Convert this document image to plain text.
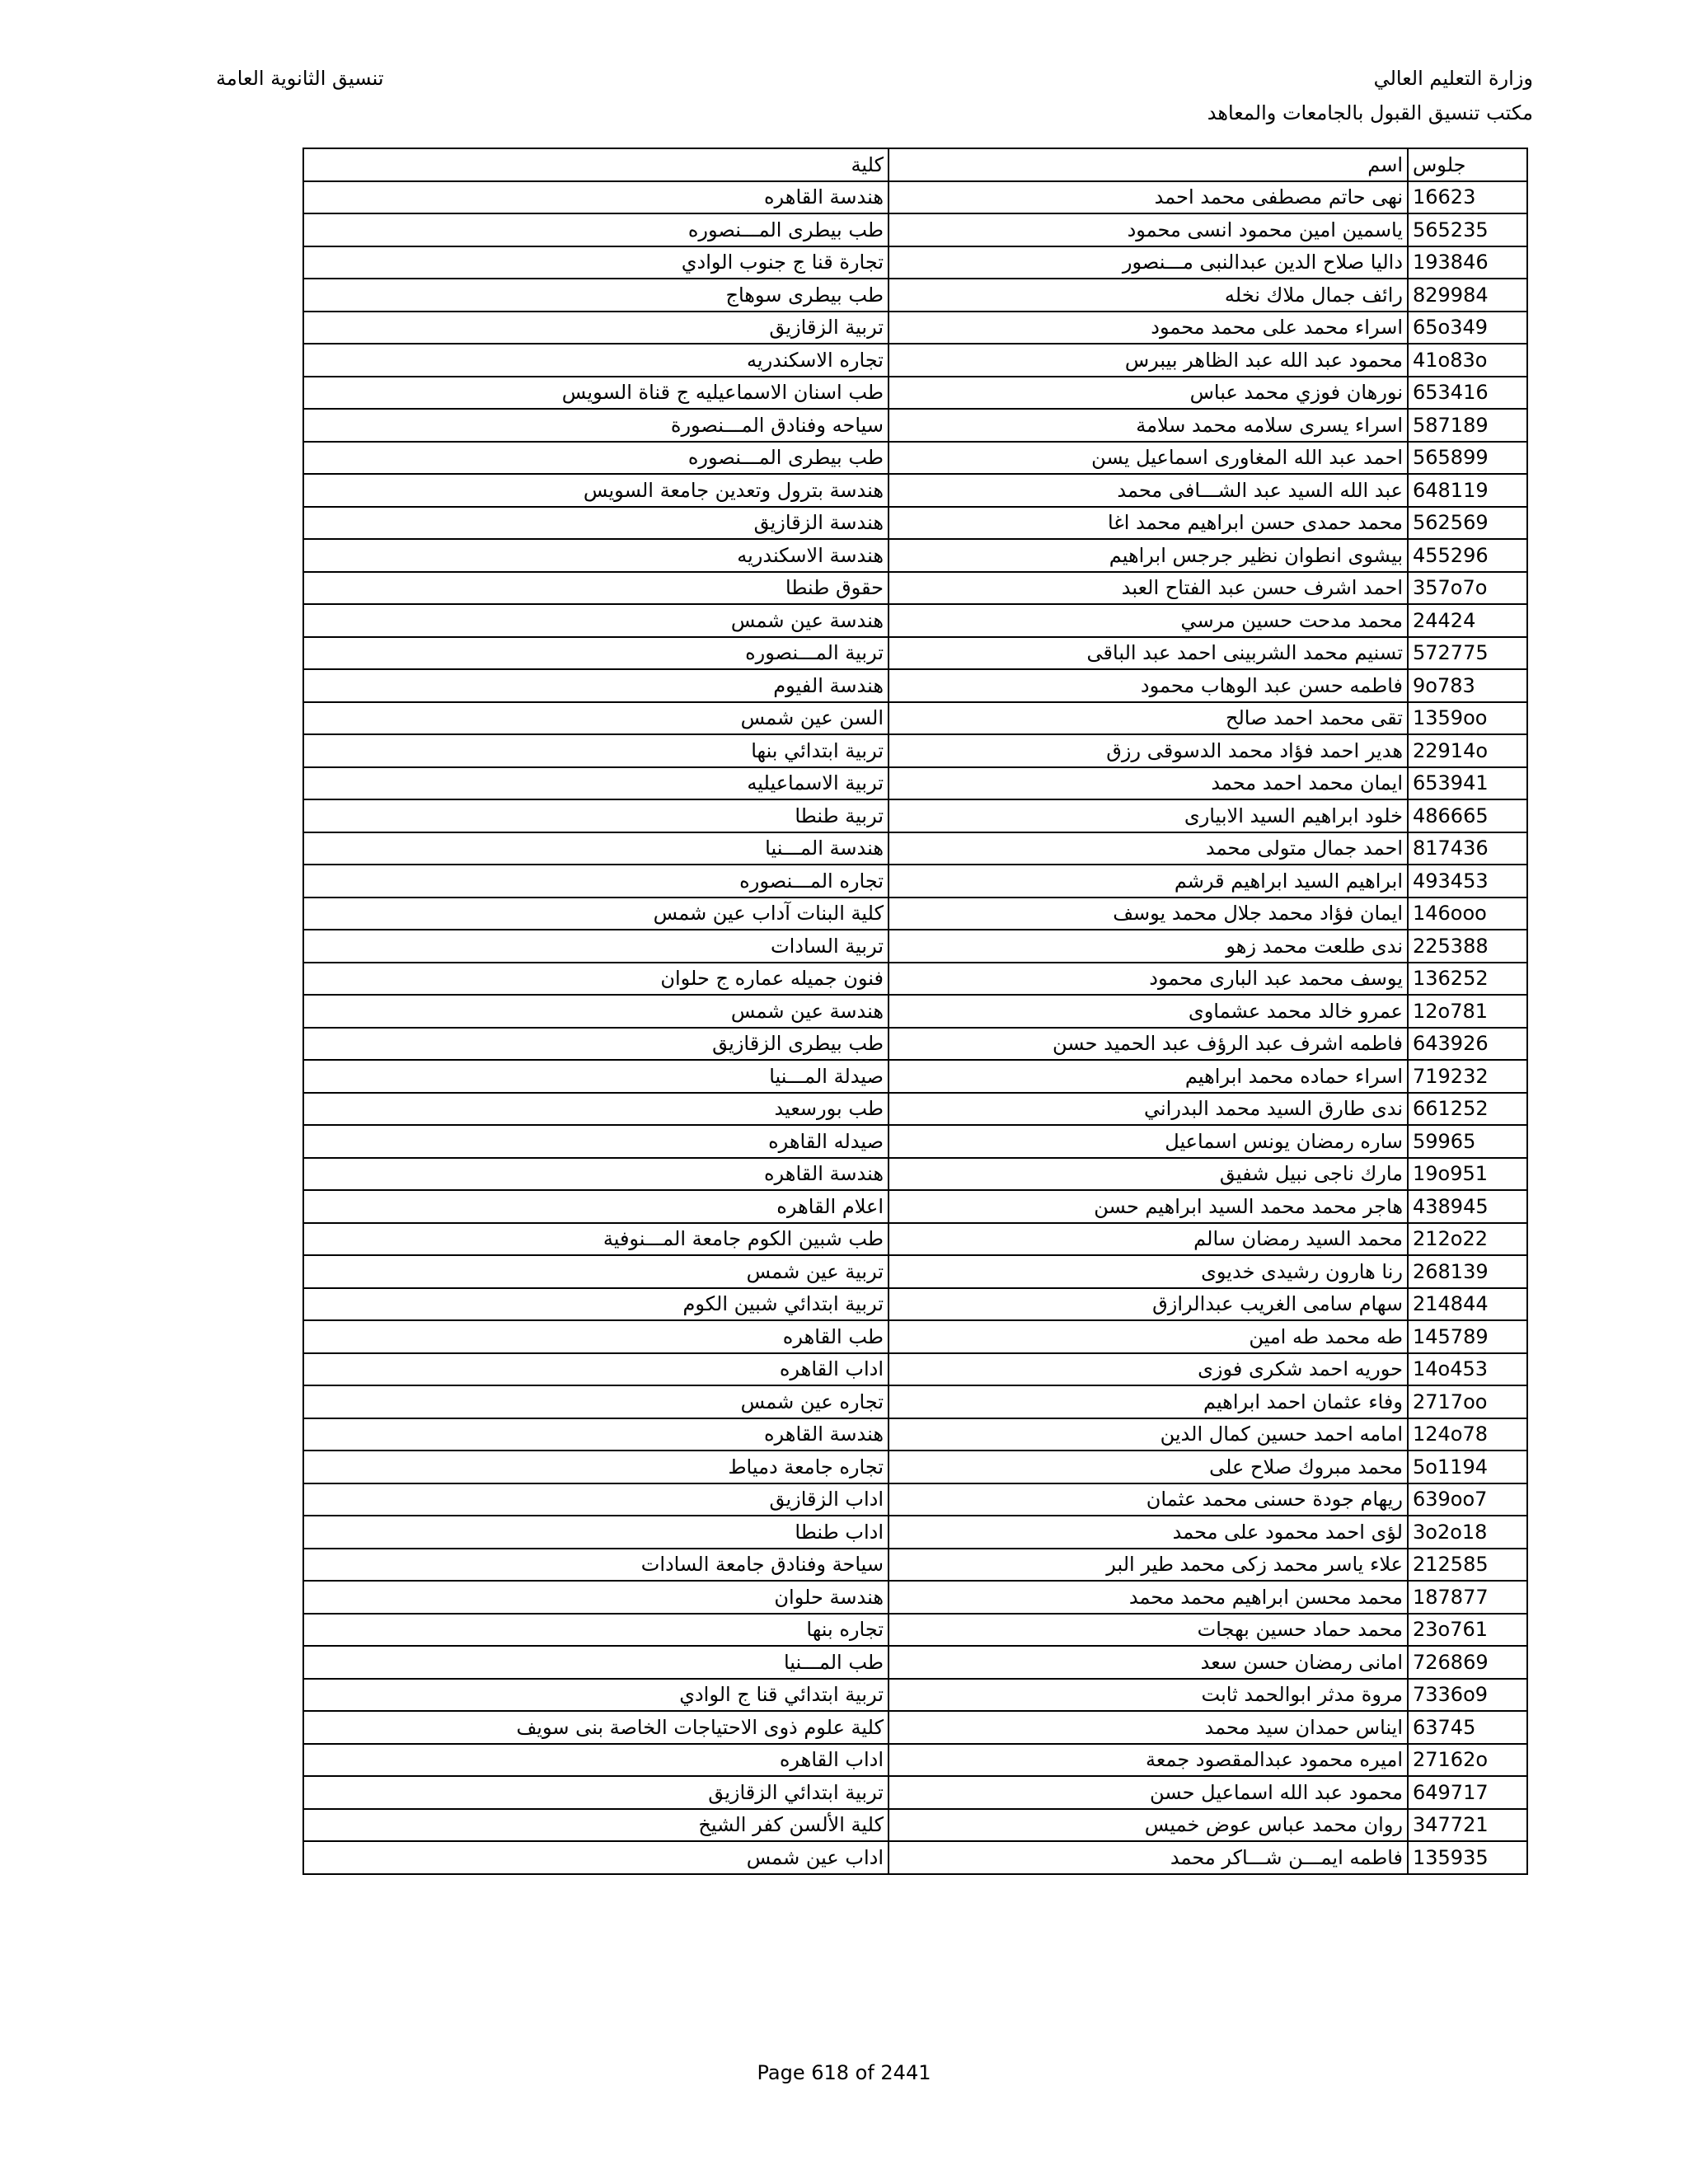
وزارة التعليم العالي
مكتب تنسيق القبول بالجامعات والمعاهد
تنسيق الثانوية العامة
جلوس	اسم	كلية
16623	نهى حاتم مصطفى محمد احمد	هندسة القاهره
565235	ياسمين امين محمود انسى محمود	طب بيطرى المـــنصوره
193846	داليا صلاح الدين عبدالنبى مـــنصور	تجارة قنا ج جنوب الوادي
829984	رائف جمال ملاك نخله	طب بيطرى سوهاج
65o349	اسراء محمد على محمد محمود	تربية الزقازيق
41o83o	محمود عبد الله عبد الظاهر بيبرس	تجاره الاسكندريه
653416	نورهان فوزي محمد عباس	طب اسنان الاسماعيليه ج قناة السويس
587189	اسراء يسرى سلامه محمد سلامة	سياحه وفنادق المـــنصورة
565899	احمد عبد الله المغاورى اسماعيل يسن	طب بيطرى المـــنصوره
648119	عبد الله السيد عبد الشـــافى محمد	هندسة بترول وتعدين جامعة السويس
562569	محمد حمدى حسن ابراهيم محمد اغا	هندسة الزقازيق
455296	بيشوى انطوان نظير جرجس ابراهيم	هندسة الاسكندريه
357o7o	احمد اشرف حسن عبد الفتاح العبد	حقوق طنطا
24424	محمد مدحت حسين مرسي	هندسة عين شمس
572775	تسنيم محمد الشربينى احمد عبد الباقى	تربية المـــنصوره
9o783	فاطمه حسن عبد الوهاب محمود	هندسة الفيوم
1359oo	تقى محمد احمد صالح	السن عين شمس
22914o	هدير احمد فؤاد محمد الدسوقى رزق	تربية ابتدائي بنها
653941	ايمان محمد احمد محمد	تربية الاسماعيليه
486665	خلود ابراهيم السيد الابيارى	تربية طنطا
817436	احمد جمال متولى محمد	هندسة المـــنيا
493453	ابراهيم السيد ابراهيم قرشم	تجاره المـــنصوره
146ooo	ايمان فؤاد محمد جلال محمد يوسف	كلية البنات آداب عين شمس
225388	ندى طلعت محمد زهو	تربية السادات
136252	يوسف محمد عبد البارى محمود	فنون جميله عماره ج حلوان
12o781	عمرو خالد محمد عشماوى	هندسة عين شمس
643926	فاطمه اشرف عبد الرؤف عبد الحميد حسن	طب بيطرى الزقازيق
719232	اسراء حماده محمد ابراهيم	صيدلة المـــنيا
661252	ندى طارق السيد محمد البدراني	طب بورسعيد
59965	ساره رمضان يونس اسماعيل	صيدله القاهره
19o951	مارك ناجى نبيل شفيق	هندسة القاهره
438945	هاجر محمد محمد السيد ابراهيم حسن	اعلام القاهره
212o22	محمد السيد رمضان سالم	طب شبين الكوم جامعة المـــنوفية
268139	رنا هارون رشيدى خديوى	تربية عين شمس
214844	سهام سامى الغريب عبدالرازق	تربية ابتدائي شبين الكوم
145789	طه محمد طه امين	طب القاهره
14o453	حوريه احمد شكرى فوزى	اداب القاهره
2717oo	وفاء عثمان احمد ابراهيم	تجاره عين شمس
124o78	امامه احمد حسين كمال الدين	هندسة القاهره
5o1194	محمد مبروك صلاح على	تجاره جامعة دمياط
639oo7	ريهام جودة حسنى محمد عثمان	اداب الزقازيق
3o2o18	لؤى احمد محمود على محمد	اداب طنطا
212585	علاء ياسر محمد زكى محمد طير البر	سياحة وفنادق جامعة السادات
187877	محمد محسن ابراهيم محمد محمد	هندسة حلوان
23o761	محمد حماد حسين بهجات	تجاره بنها
726869	امانى رمضان حسن سعد	طب المـــنيا
7336o9	مروة مدثر ابوالحمد ثابت	تربية ابتدائي قنا ج الوادي
63745	ايناس حمدان سيد محمد	كلية علوم ذوى الاحتياجات الخاصة بنى سويف
27162o	اميره محمود عبدالمقصود جمعة	اداب القاهره
649717	محمود عبد الله اسماعيل حسن	تربية ابتدائي الزقازيق
347721	روان محمد عباس عوض خميس	كلية الألسن كفر الشيخ
135935	فاطمه ايمـــن شـــاكر محمد	اداب عين شمس
Page 618 of 2441
